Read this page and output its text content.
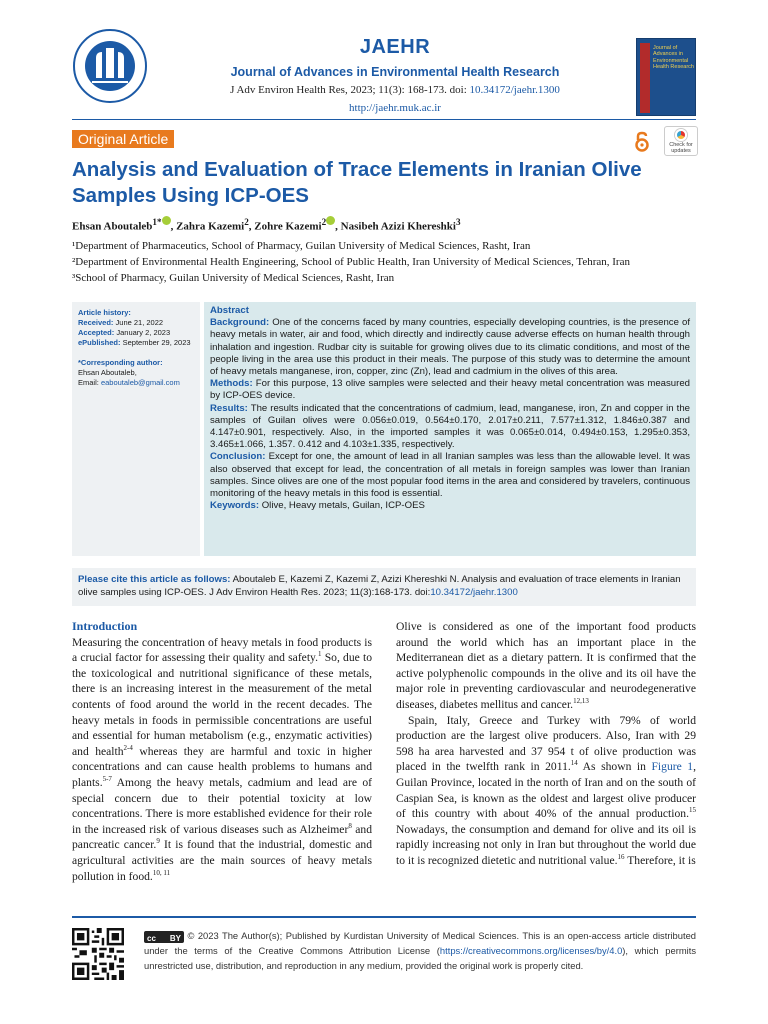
JAEHR
Journal of Advances in Environmental Health Research
J Adv Environ Health Res, 2023; 11(3): 168-173. doi: 10.34172/jaehr.1300
http://jaehr.muk.ac.ir
Journal of Advances in Environmental Health Research
Original Article	Check for updates
Analysis and Evaluation of Trace Elements in Iranian Olive Samples Using ICP-OES
Ehsan Aboutaleb$^{1*}$ , Zahra Kazemi$^2$, Zohre Kazemi$^2$ , Nasibeh Azizi Khereshki$^3$
¹Department of Pharmaceutics, School of Pharmacy, Guilan University of Medical Sciences, Rasht, Iran
²Department of Environmental Health Engineering, School of Public Health, Iran University of Medical Sciences, Tehran, Iran
³School of Pharmacy, Guilan University of Medical Sciences, Rasht, Iran
Article history:
Received: June 21, 2022
Accepted: January 2, 2023
ePublished: September 29, 2023
*Corresponding author:
Ehsan Aboutaleb,
Email: eaboutaleb@gmail.com
Abstract
Background: One of the concerns faced by many countries, especially developing countries, is the presence of heavy metals in water, air and food, which directly and indirectly cause adverse effects on human health through inhalation and ingestion. Rudbar city is suitable for growing olives due to its climatic conditions, and most of the people living in the area use this product in their meals. The purpose of this study was to determine the amount of heavy metals manganese, iron, copper, zinc (Zn), lead and cadmium in the olives of this area.
Methods: For this purpose, 13 olive samples were selected and their heavy metal concentration was measured by ICP-OES device.
Results: The results indicated that the concentrations of cadmium, lead, manganese, iron, Zn and copper in the samples of Guilan olives were 0.056±0.019, 0.564±0.170, 2.017±0.211, 7.577±1.312, 1.846±0.387 and 4.147±0.901, respectively. Also, in the imported samples it was 0.065±0.014, 0.494±0.153, 1.295±0.353, 3.465±1.066, 1.357. 0.412 and 4.103±1.335, respectively.
Conclusion: Except for one, the amount of lead in all Iranian samples was less than the allowable level. It was also observed that except for lead, the concentration of all metals in foreign samples was lower than Iranian samples. Since olives are one of the most popular food items in the area and considered by travelers, continuous monitoring of the heavy metals in this food is essential.
Keywords: Olive, Heavy metals, Guilan, ICP-OES
Please cite this article as follows: Aboutaleb E, Kazemi Z, Kazemi Z, Azizi Khereshki N. Analysis and evaluation of trace elements in Iranian olive samples using ICP-OES. J Adv Environ Health Res. 2023; 11(3):168-173. doi:10.34172/jaehr.1300
Introduction

Measuring the concentration of heavy metals in food products is a crucial factor for assessing their quality and safety.$^1$ So, due to the toxicological and nutritional significance of these metals, there is an increasing interest in the measurement of the metal contents of food around the world in the recent decades. The heavy metals in foods in permissible concentrations are useful and essential for human metabolism (e.g., enzymatic activities) and health$^{2-4}$ whereas they are harmful and toxic in higher concentrations and can cause health problems to humans and plants.$^{5-7}$ Among the heavy metals, cadmium and lead are of special concern due to their potential toxicity at low concentrations. There is more established evidence for their role in the increased risk of various diseases such as Alzheimer$^8$ and pancreatic cancer.$^9$ It is found that the industrial, domestic and agricultural activities are the main sources of heavy metals pollution in food.$^{10, 11}$

Olive is considered as one of the important food products around the world which has an important place in the Mediterranean diet as a dietary pattern. It is confirmed that the active polyphenolic compounds in the olive and its oil have the major role in preventing cardiovascular and neurodegenerative diseases, diabetes mellitus and cancer.$^{12,13}$

Spain, Italy, Greece and Turkey with 79% of world production are the largest olive producers. Also, Iran with 29 598 ha area harvested and 37 954 t of olive production was placed in the twelfth rank in 2011.14 As shown in Figure 1, Guilan Province, located in the north of Iran and on the south of Caspian Sea, is known as the oldest and largest olive producer of this country with about 40% of the annual production.$^{15}$ Nowadays, the consumption and demand for olive and its oil is rapidly increasing not only in Iran but throughout the world due to it is recognized dietetic and nutritional value.$^{16}$ Therefore, it is

cc BY © 2023 The Author(s); Published by Kurdistan University of Medical Sciences. This is an open-access article distributed under the terms of the Creative Commons Attribution License (https://creativecommons.org/licenses/by/4.0), which permits unrestricted use, distribution, and reproduction in any medium, provided the original work is properly cited.
